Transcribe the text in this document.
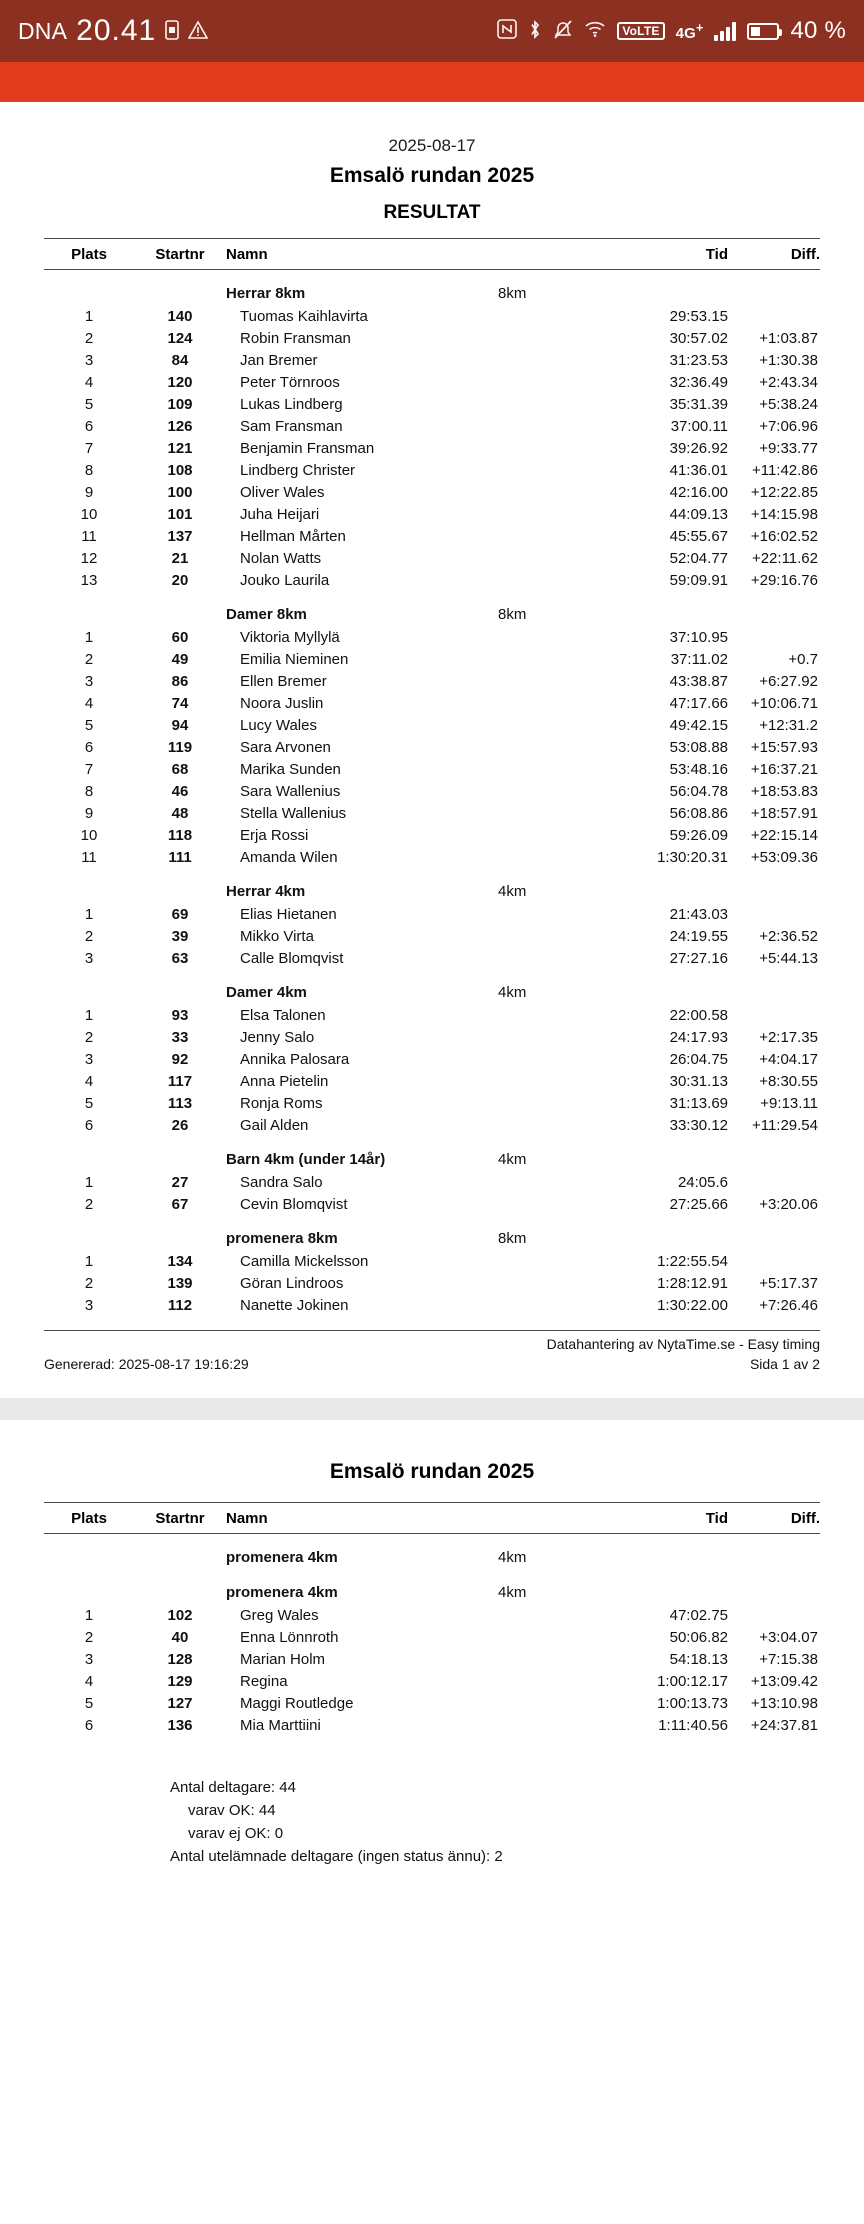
DNA 20.41	VoLTE	4G+	40 %
2025-08-17
Emsalö rundan 2025
RESULTAT
Plats	Startnr	Namn		Tid	Diff.
		Herrar 8km	8km		
1	140	Tuomas Kaihlavirta		29:53.15	
2	124	Robin Fransman		30:57.02	+1:03.87
3	84	Jan Bremer		31:23.53	+1:30.38
4	120	Peter Törnroos		32:36.49	+2:43.34
5	109	Lukas Lindberg		35:31.39	+5:38.24
6	126	Sam Fransman		37:00.11	+7:06.96
7	121	Benjamin Fransman		39:26.92	+9:33.77
8	108	Lindberg Christer		41:36.01	+11:42.86
9	100	Oliver Wales		42:16.00	+12:22.85
10	101	Juha Heijari		44:09.13	+14:15.98
11	137	Hellman Mårten		45:55.67	+16:02.52
12	21	Nolan Watts		52:04.77	+22:11.62
13	20	Jouko Laurila		59:09.91	+29:16.76
		Damer 8km	8km		
1	60	Viktoria Myllylä		37:10.95	
2	49	Emilia Nieminen		37:11.02	+0.7
3	86	Ellen Bremer		43:38.87	+6:27.92
4	74	Noora Juslin		47:17.66	+10:06.71
5	94	Lucy Wales		49:42.15	+12:31.2
6	119	Sara Arvonen		53:08.88	+15:57.93
7	68	Marika Sunden		53:48.16	+16:37.21
8	46	Sara Wallenius		56:04.78	+18:53.83
9	48	Stella Wallenius		56:08.86	+18:57.91
10	118	Erja Rossi		59:26.09	+22:15.14
11	111	Amanda Wilen		1:30:20.31	+53:09.36
		Herrar 4km	4km		
1	69	Elias Hietanen		21:43.03	
2	39	Mikko Virta		24:19.55	+2:36.52
3	63	Calle Blomqvist		27:27.16	+5:44.13
		Damer 4km	4km		
1	93	Elsa Talonen		22:00.58	
2	33	Jenny Salo		24:17.93	+2:17.35
3	92	Annika Palosara		26:04.75	+4:04.17
4	117	Anna Pietelin		30:31.13	+8:30.55
5	113	Ronja Roms		31:13.69	+9:13.11
6	26	Gail Alden		33:30.12	+11:29.54
		Barn 4km (under 14år)	4km		
1	27	Sandra Salo		24:05.6	
2	67	Cevin Blomqvist		27:25.66	+3:20.06
		promenera 8km	8km		
1	134	Camilla Mickelsson		1:22:55.54	
2	139	Göran Lindroos		1:28:12.91	+5:17.37
3	112	Nanette Jokinen		1:30:22.00	+7:26.46
Datahantering av NytaTime.se - Easy timing
Genererad: 2025-08-17 19:16:29	Sida 1 av 2
Emsalö rundan 2025
Plats	Startnr	Namn		Tid	Diff.
		promenera 4km	4km		
		promenera 4km	4km		
1	102	Greg Wales		47:02.75	
2	40	Enna Lönnroth		50:06.82	+3:04.07
3	128	Marian Holm		54:18.13	+7:15.38
4	129	Regina		1:00:12.17	+13:09.42
5	127	Maggi Routledge		1:00:13.73	+13:10.98
6	136	Mia Marttiini		1:11:40.56	+24:37.81
Antal deltagare: 44
varav OK: 44
varav ej OK: 0
Antal utelämnade deltagare (ingen status ännu): 2
